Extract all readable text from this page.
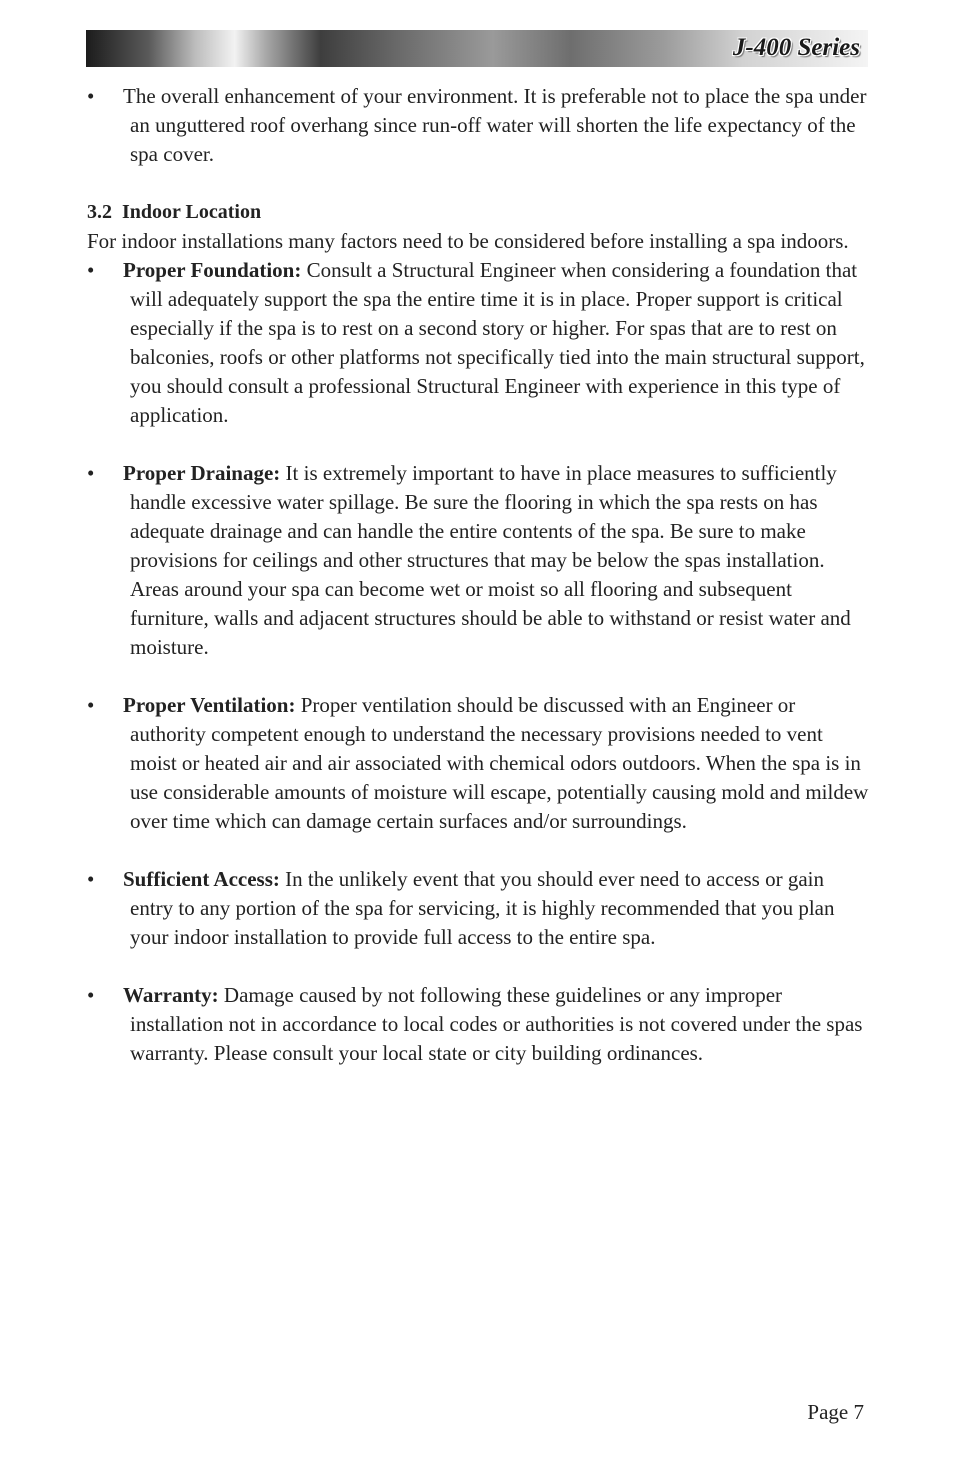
J-400 Series
• The overall enhancement of your environment. It is preferable not to place the spa under an unguttered roof overhang since run-off water will shorten the life expectancy of the spa cover.
3.2  Indoor Location
For indoor installations many factors need to be considered before installing a spa indoors.
• Proper Foundation: Consult a Structural Engineer when considering a foundation that will adequately support the spa the entire time it is in place. Proper support is critical especially if the spa is to rest on a second story or higher. For spas that are to rest on balconies, roofs or other platforms not specifically tied into the main structural support, you should consult a professional Structural Engineer with experience in this type of application.
• Proper Drainage: It is extremely important to have in place measures to sufficiently handle excessive water spillage. Be sure the flooring in which the spa rests on has adequate drainage and can handle the entire contents of the spa. Be sure to make provisions for ceilings and other structures that may be below the spas installation. Areas around your spa can become wet or moist so all flooring and subsequent furniture, walls and adjacent structures should be able to withstand or resist water and moisture.
• Proper Ventilation: Proper ventilation should be discussed with an Engineer or authority competent enough to understand the necessary provisions needed to vent moist or heated air and air associated with chemical odors outdoors. When the spa is in use considerable amounts of moisture will escape, potentially causing mold and mildew over time which can damage certain surfaces and/or surroundings.
• Sufficient Access: In the unlikely event that you should ever need to access or gain entry to any portion of the spa for servicing, it is highly recommended that you plan your indoor installation to provide full access to the entire spa.
• Warranty: Damage caused by not following these guidelines or any improper installation not in accordance to local codes or authorities is not covered under the spas warranty. Please consult your local state or city building ordinances.
Page 7
